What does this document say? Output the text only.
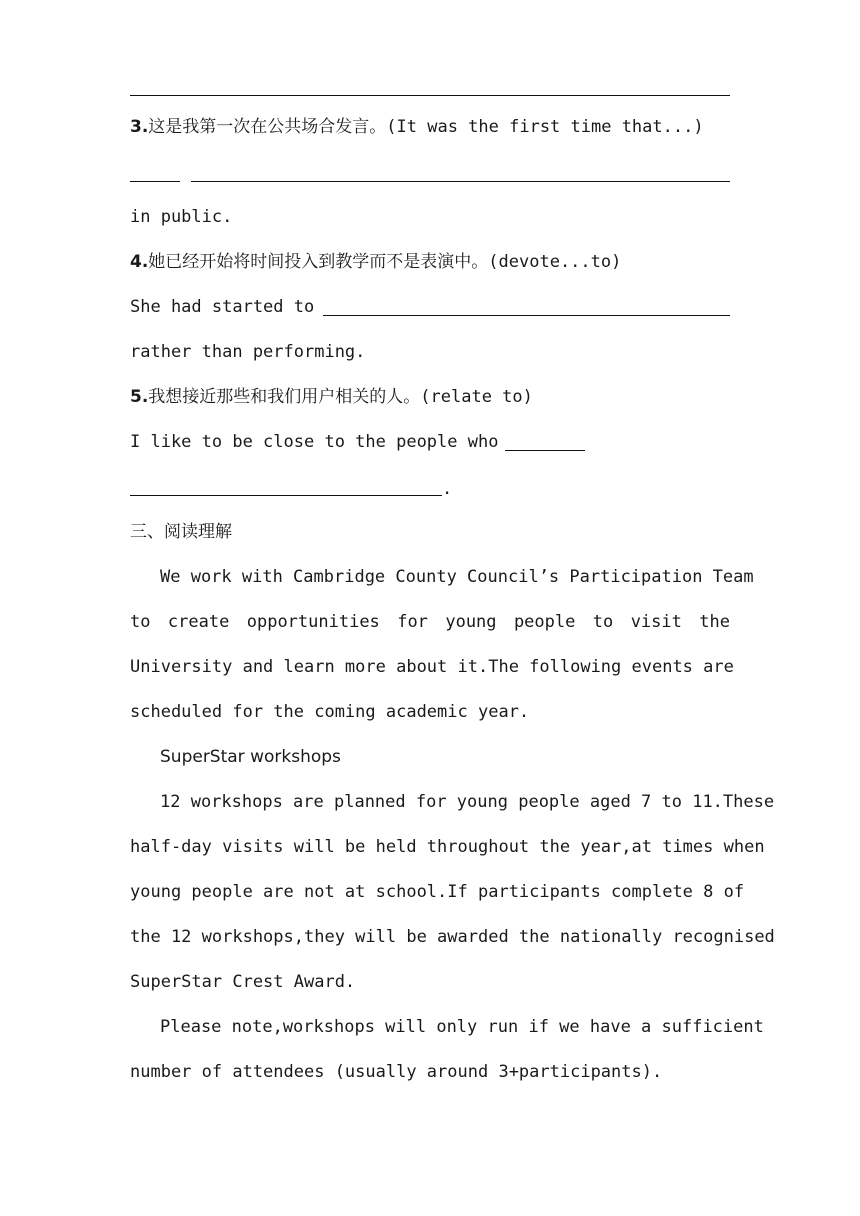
3.这是我第一次在公共场合发言。(It was the first time that...)
in public.
4.她已经开始将时间投入到教学而不是表演中。(devote...to)
She had started to
rather than performing.
5.我想接近那些和我们用户相关的人。(relate to)
I like to be close to the people who
.
三、阅读理解
We work with Cambridge County Council’s Participation Team
to create opportunities for young people to visit the
University and learn more about it.The following events are
scheduled for the coming academic year.
SuperStar workshops
12 workshops are planned for young people aged 7 to 11.These
half-day visits will be held throughout the year,at times when
young people are not at school.If participants complete 8 of
the 12 workshops,they will be awarded the nationally recognised
SuperStar Crest Award.
Please note,workshops will only run if we have a sufficient
number of attendees (usually around 3+participants).
